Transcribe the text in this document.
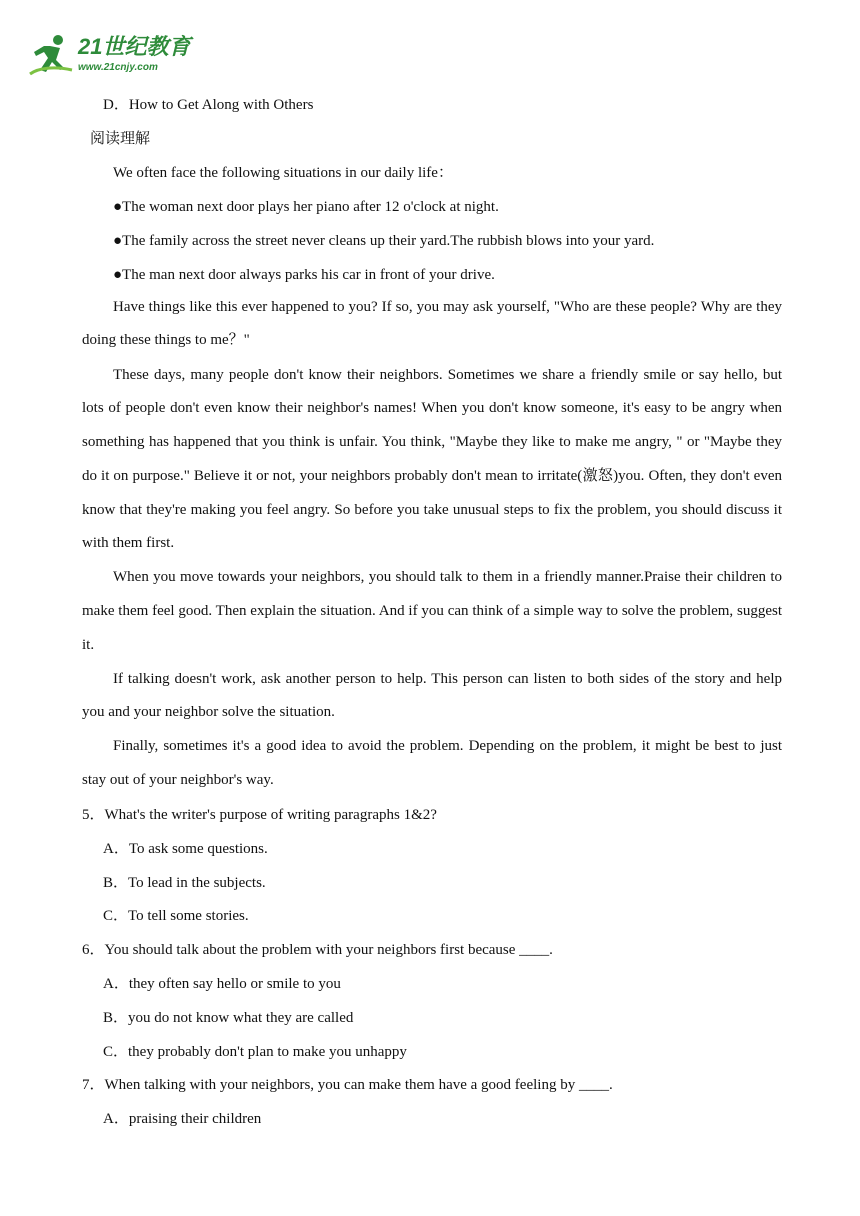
21世纪教育
www.21cnjy.com
D．How to Get Along with Others
阅读理解
We often face the following situations in our daily life：
●The woman next door plays her piano after 12 o'clock at night.
●The family across the street never cleans up their yard.The rubbish blows into your yard.
●The man next door always parks his car in front of your drive.
Have things like this ever happened to you? If so, you may ask yourself, "Who are these people? Why are they doing these things to me？"
These days, many people don't know their neighbors. Sometimes we share a friendly smile or say hello, but lots of people don't even know their neighbor's names! When you don't know someone, it's easy to be angry when something has happened that you think is unfair. You think, "Maybe they like to make me angry, " or "Maybe they do it on purpose." Believe it or not, your neighbors probably don't mean to irritate(激怒)you. Often, they don't even know that they're making you feel angry. So before you take unusual steps to fix the problem, you should discuss it with them first.
When you move towards your neighbors, you should talk to them in a friendly manner.Praise their children to make them feel good. Then explain the situation. And if you can think of a simple way to solve the problem, suggest it.
If talking doesn't work, ask another person to help. This person can listen to both sides of the story and help you and your neighbor solve the situation.
Finally, sometimes it's a good idea to avoid the problem. Depending on the problem, it might be best to just stay out of your neighbor's way.
5．What's the writer's purpose of writing paragraphs 1&2?
A．To ask some questions.
B．To lead in the subjects.
C．To tell some stories.
6．You should talk about the problem with your neighbors first because ____.
A．they often say hello or smile to you
B．you do not know what they are called
C．they probably don't plan to make you unhappy
7．When talking with your neighbors, you can make them have a good feeling by ____.
A．praising their children
